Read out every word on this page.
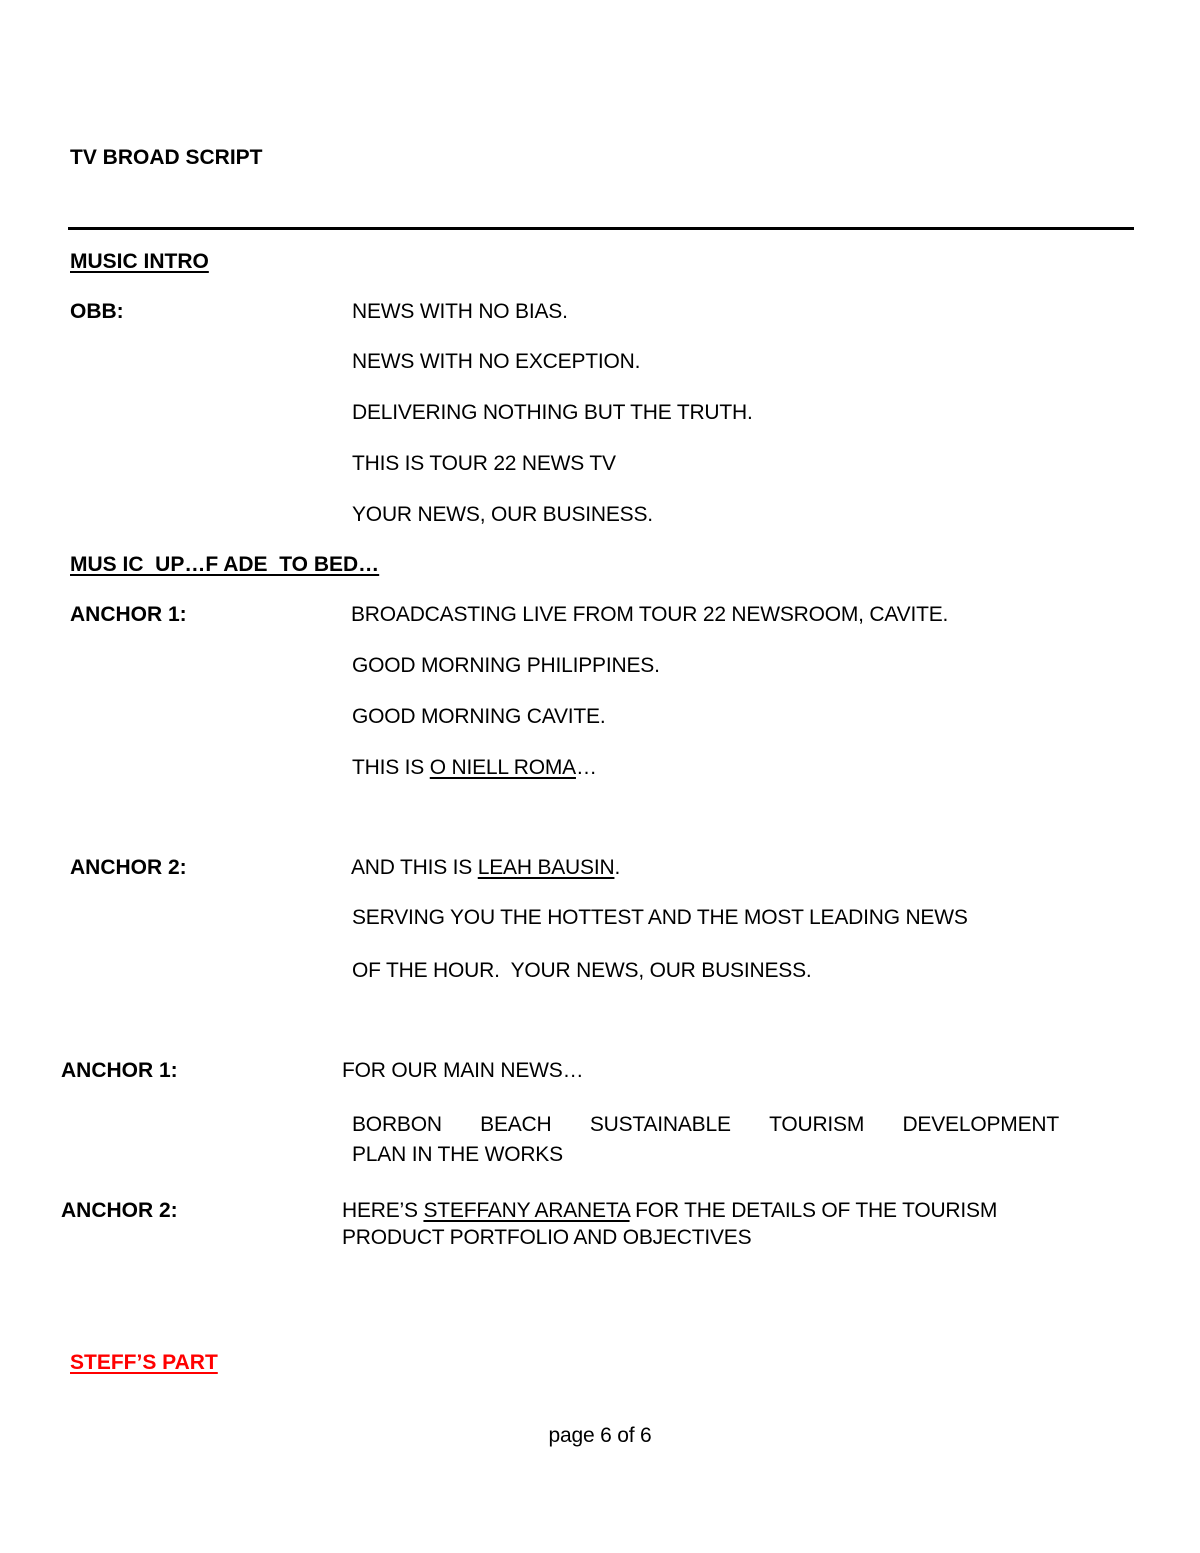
TV BROAD SCRIPT
MUSIC INTRO
OBB:	NEWS WITH NO BIAS.
NEWS WITH NO EXCEPTION.
DELIVERING NOTHING BUT THE TRUTH.
THIS IS TOUR 22 NEWS TV
YOUR NEWS, OUR BUSINESS.
MUS IC  UP…F ADE  TO BED…
ANCHOR 1:	BROADCASTING LIVE FROM TOUR 22 NEWSROOM, CAVITE.
GOOD MORNING PHILIPPINES.
GOOD MORNING CAVITE.
THIS IS O NIELL ROMA…
ANCHOR 2:	AND THIS IS LEAH BAUSIN.
SERVING YOU THE HOTTEST AND THE MOST LEADING NEWS
OF THE HOUR.  YOUR NEWS, OUR BUSINESS.
ANCHOR 1:	FOR OUR MAIN NEWS…
BORBON BEACH SUSTAINABLE TOURISM DEVELOPMENT
PLAN IN THE WORKS
ANCHOR 2:	HERE’S STEFFANY ARANETA FOR THE DETAILS OF THE TOURISM
PRODUCT PORTFOLIO AND OBJECTIVES
STEFF’S PART
page 6 of 6
